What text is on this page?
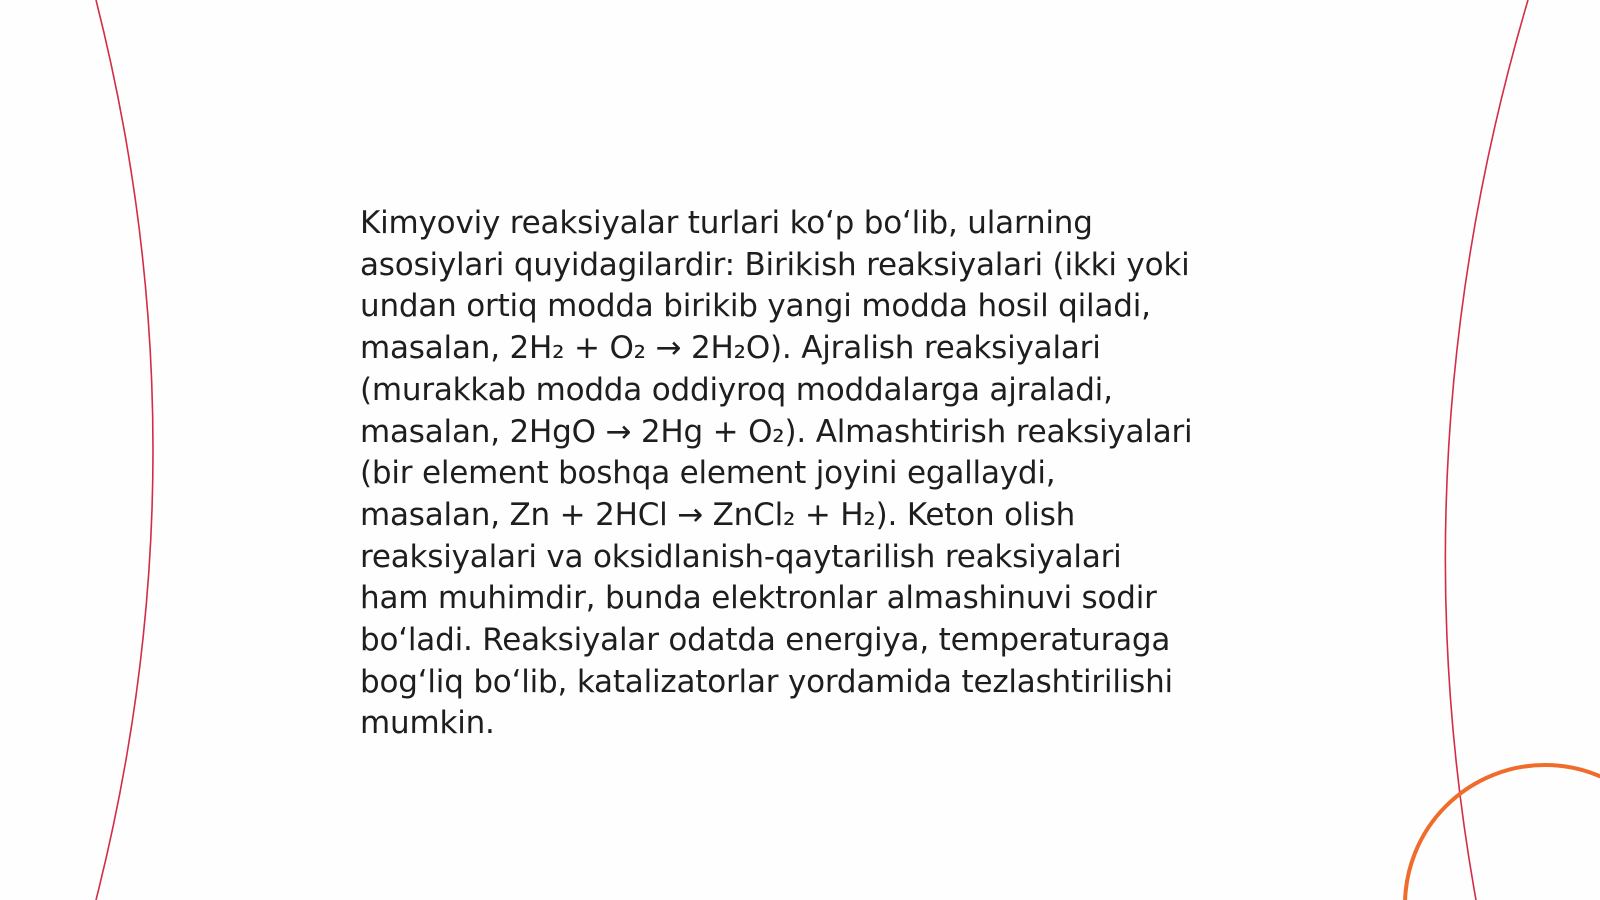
Kimyoviy reaksiyalar turlari ko‘p bo‘lib, ularning
asosiylari quyidagilardir: Birikish reaksiyalari (ikki yoki
undan ortiq modda birikib yangi modda hosil qiladi,
masalan, 2H₂ + O₂ → 2H₂O). Ajralish reaksiyalari
(murakkab modda oddiyroq moddalarga ajraladi,
masalan, 2HgO → 2Hg + O₂). Almashtirish reaksiyalari
(bir element boshqa element joyini egallaydi,
masalan, Zn + 2HCl → ZnCl₂ + H₂). Keton olish
reaksiyalari va oksidlanish-qaytarilish reaksiyalari
ham muhimdir, bunda elektronlar almashinuvi sodir
bo‘ladi. Reaksiyalar odatda energiya, temperaturaga
bog‘liq bo‘lib, katalizatorlar yordamida tezlashtirilishi
mumkin.
